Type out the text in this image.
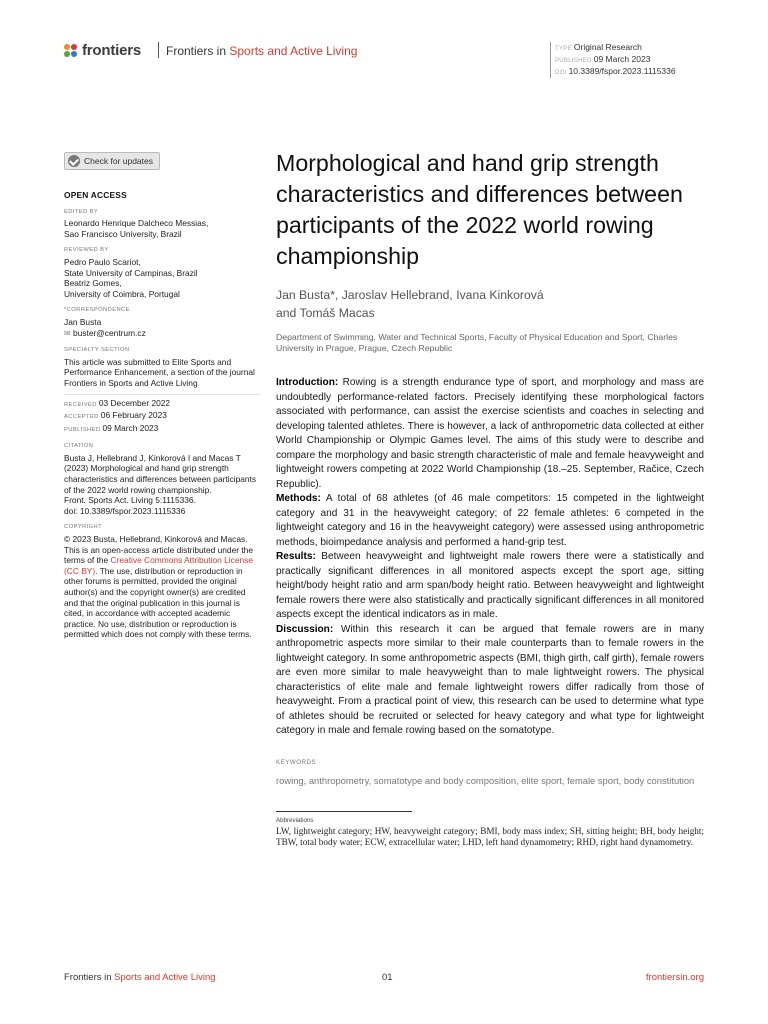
frontiers Frontiers in Sports and Active Living	TYPE Original Research
PUBLISHED 09 March 2023
DOI 10.3389/fspor.2023.1115336
Check for updates
OPEN ACCESS
EDITED BY
Leonardo Henrique Dalcheco Messias,
Sao Francisco University, Brazil
REVIEWED BY
Pedro Paulo Scariot,
State University of Campinas, Brazil
Beatriz Gomes,
University of Coimbra, Portugal
*CORRESPONDENCE
Jan Busta
✉ buster@centrum.cz
SPECIALTY SECTION
This article was submitted to Elite Sports and Performance Enhancement, a section of the journal Frontiers in Sports and Active Living
RECEIVED 03 December 2022
ACCEPTED 06 February 2023
PUBLISHED 09 March 2023
CITATION
Busta J, Hellebrand J, Kinkorová I and Macas T (2023) Morphological and hand grip strength characteristics and differences between participants of the 2022 world rowing championship.
Front. Sports Act. Living 5:1115336.
doi: 10.3389/fspor.2023.1115336
COPYRIGHT
© 2023 Busta, Hellebrand, Kinkorová and Macas. This is an open-access article distributed under the terms of the Creative Commons Attribution License (CC BY). The use, distribution or reproduction in other forums is permitted, provided the original author(s) and the copyright owner(s) are credited and that the original publication in this journal is cited, in accordance with accepted academic practice. No use, distribution or reproduction is permitted which does not comply with these terms.
Morphological and hand grip strength characteristics and differences between participants of the 2022 world rowing championship
Jan Busta*, Jaroslav Hellebrand, Ivana Kinkorová
and Tomáš Macas
Department of Swimming, Water and Technical Sports, Faculty of Physical Education and Sport, Charles University in Prague, Prague, Czech Republic

Introduction: Rowing is a strength endurance type of sport, and morphology and mass are undoubtedly performance-related factors. Precisely identifying these morphological factors associated with performance, can assist the exercise scientists and coaches in selecting and developing talented athletes. There is however, a lack of anthropometric data collected at either World Championship or Olympic Games level. The aims of this study were to describe and compare the morphology and basic strength characteristic of male and female heavyweight and lightweight rowers competing at 2022 World Championship (18.–25. September, Račice, Czech Republic).

Methods: A total of 68 athletes (of 46 male competitors: 15 competed in the lightweight category and 31 in the heavyweight category; of 22 female athletes: 6 competed in the lightweight category and 16 in the heavyweight category) were assessed using anthropometric methods, bioimpedance analysis and performed a hand-grip test.

Results: Between heavyweight and lightweight male rowers there were a statistically and practically significant differences in all monitored aspects except the sport age, sitting height/body height ratio and arm span/body height ratio. Between heavyweight and lightweight female rowers there were also statistically and practically significant differences in all monitored aspects except the identical indicators as in male.

Discussion: Within this research it can be argued that female rowers are in many anthropometric aspects more similar to their male counterparts than to female rowers in the lightweight category. In some anthropometric aspects (BMI, thigh girth, calf girth), female rowers are even more similar to male heavyweight than to male lightweight rowers. The physical characteristics of elite male and female lightweight rowers differ radically from those of heavyweight. From a practical point of view, this research can be used to determine what type of athletes should be recruited or selected for heavy category and what type for lightweight category in male and female rowing based on the somatotype.

KEYWORDS
rowing, anthropometry, somatotype and body composition, elite sport, female sport, body constitution
Abbreviations
LW, lightweight category; HW, heavyweight category; BMI, body mass index; SH, sitting height; BH, body height; TBW, total body water; ECW, extracellular water; LHD, left hand dynamometry; RHD, right hand dynamometry.
Frontiers in Sports and Active Living	01	frontiersin.org
